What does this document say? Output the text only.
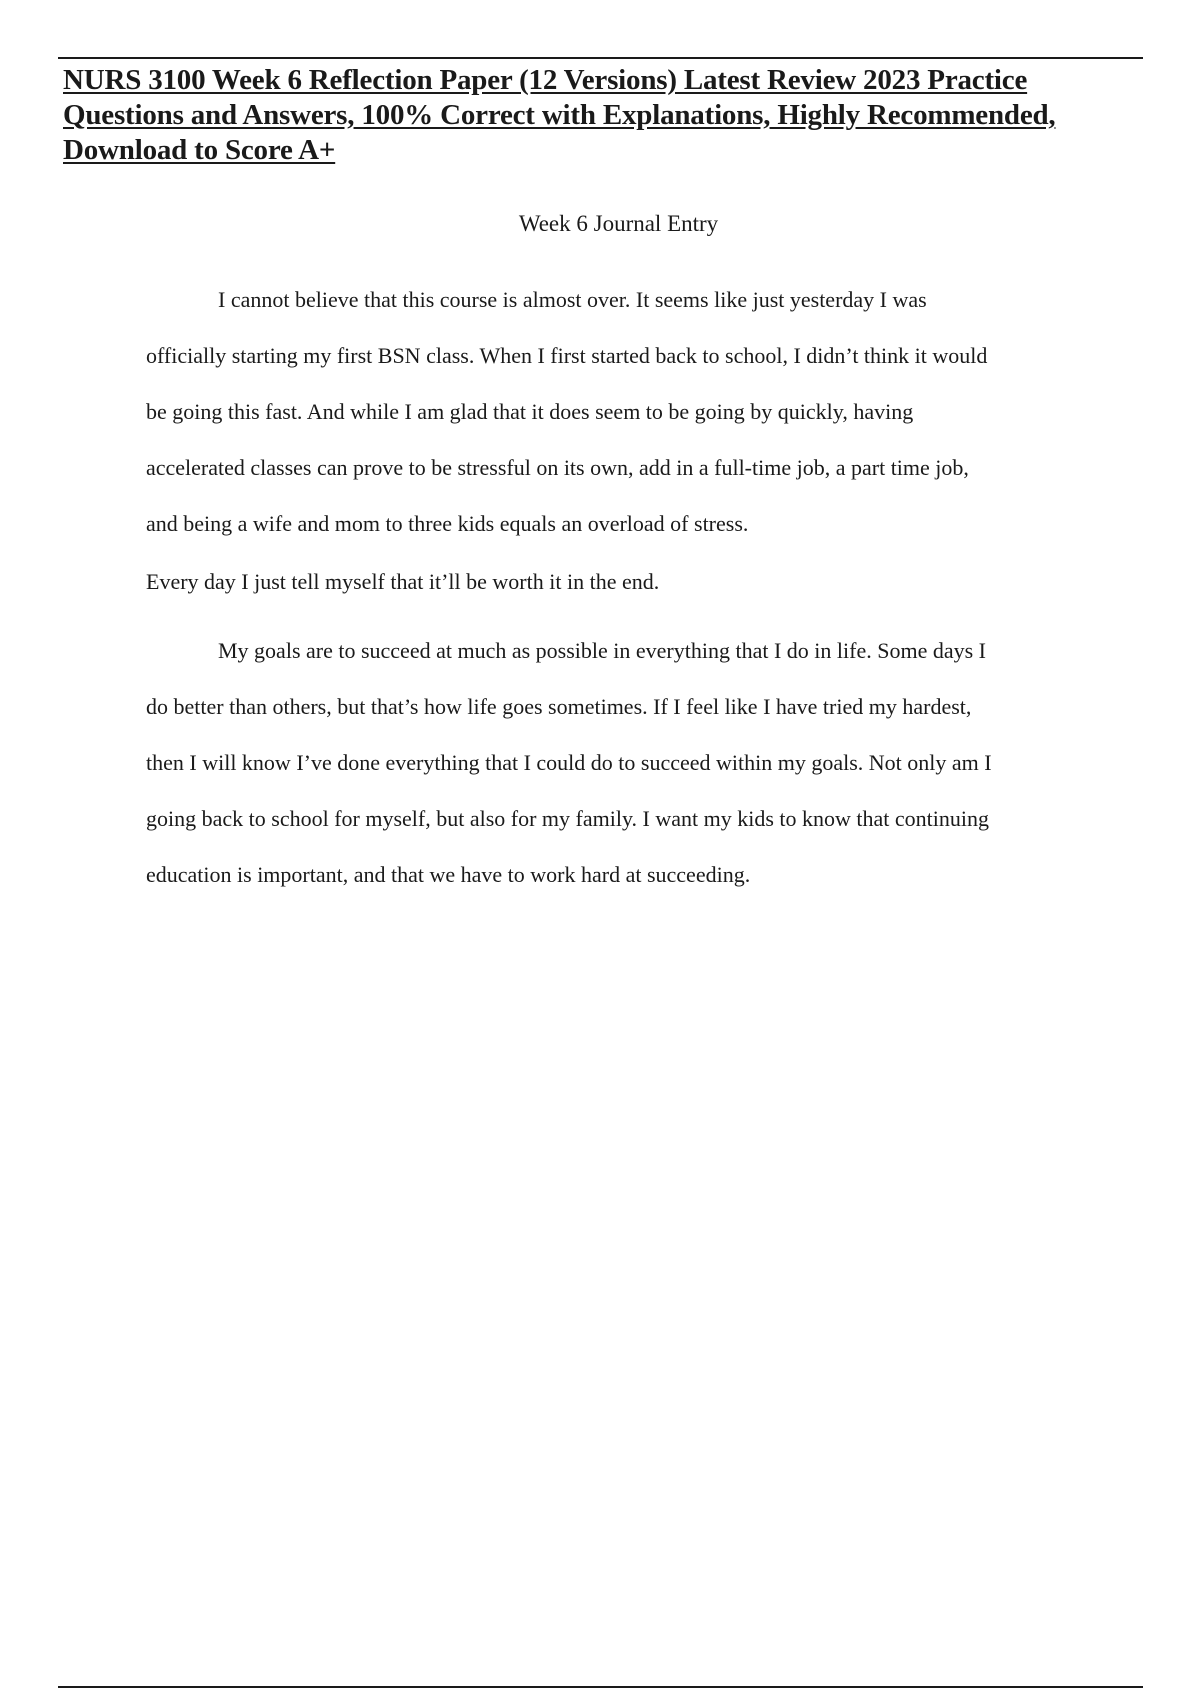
NURS 3100 Week 6 Reflection Paper (12 Versions) Latest Review 2023 Practice
Questions and Answers, 100% Correct with Explanations, Highly Recommended,
Download to Score A+
Week 6 Journal Entry
I cannot believe that this course is almost over. It seems like just yesterday I was
officially starting my first BSN class. When I first started back to school, I didn’t think it would
be going this fast. And while I am glad that it does seem to be going by quickly, having
accelerated classes can prove to be stressful on its own, add in a full-time job, a part time job,
and being a wife and mom to three kids equals an overload of stress.
Every day I just tell myself that it’ll be worth it in the end.
My goals are to succeed at much as possible in everything that I do in life. Some days I
do better than others, but that’s how life goes sometimes. If I feel like I have tried my hardest,
then I will know I’ve done everything that I could do to succeed within my goals. Not only am I
going back to school for myself, but also for my family. I want my kids to know that continuing
education is important, and that we have to work hard at succeeding.
